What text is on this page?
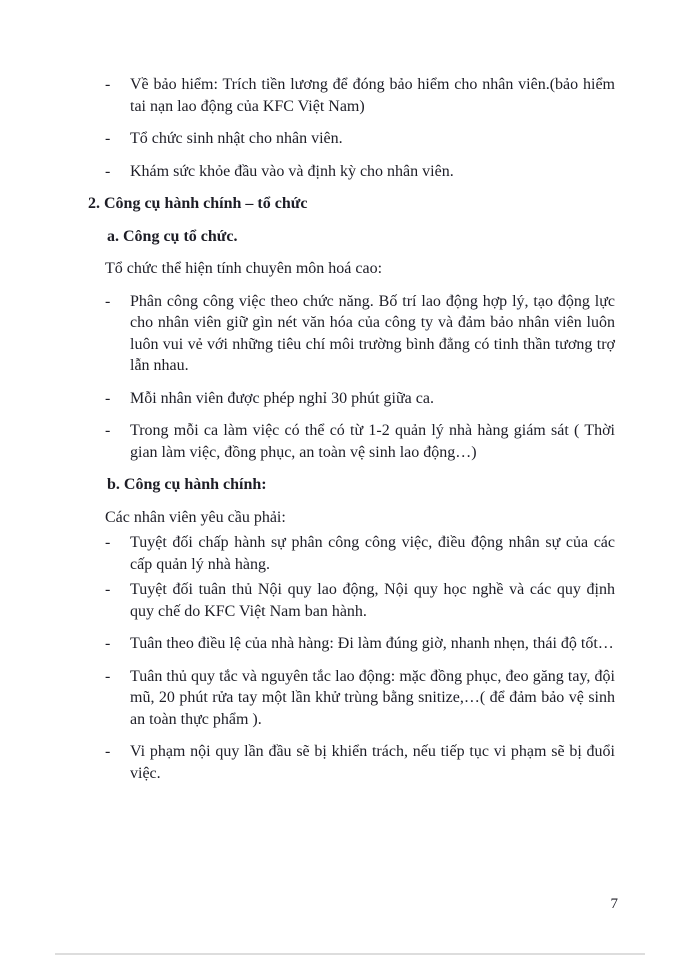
-	Về bảo hiểm: Trích tiền lương để đóng bảo hiểm cho nhân viên.(bảo hiểm tai nạn lao động của KFC Việt Nam)
-	Tổ chức sinh nhật cho nhân viên.
-	Khám sức khỏe đầu vào và định kỳ cho nhân viên.
2. Công cụ hành chính – tổ chức
a. Công cụ tổ chức.
Tổ chức thể hiện tính chuyên môn hoá cao:
-	Phân công công việc theo chức năng. Bố trí lao động hợp lý, tạo động lực cho nhân viên giữ gìn nét văn hóa của công ty và đảm bảo nhân viên luôn luôn vui vẻ với những tiêu chí môi trường bình đẳng có tinh thần tương trợ lẫn nhau.
-	Mỗi nhân viên được phép nghỉ 30 phút giữa ca.
-	Trong mỗi ca làm việc có thể có từ 1-2 quản lý nhà hàng giám sát ( Thời gian làm việc, đồng phục, an toàn vệ sinh lao động…)
b. Công cụ hành chính:
Các nhân viên yêu cầu phải:
-	Tuyệt đối chấp hành sự phân công công việc, điều động nhân sự của các cấp quản lý nhà hàng.
-	Tuyệt đối tuân thủ Nội quy lao động, Nội quy học nghề và các quy định quy chế do KFC Việt Nam ban hành.
-	Tuân theo điều lệ của nhà hàng: Đi làm đúng giờ, nhanh nhẹn, thái độ tốt…
-	Tuân thủ quy tắc và nguyên tắc lao động: mặc đồng phục, đeo găng tay, đội mũ, 20 phút rửa tay một lần khử trùng bằng snitize,…( để đảm bảo vệ sinh an toàn thực phẩm ).
-	Vi phạm nội quy lần đầu sẽ bị khiển trách, nếu tiếp tục vi phạm sẽ bị đuổi việc.
7
